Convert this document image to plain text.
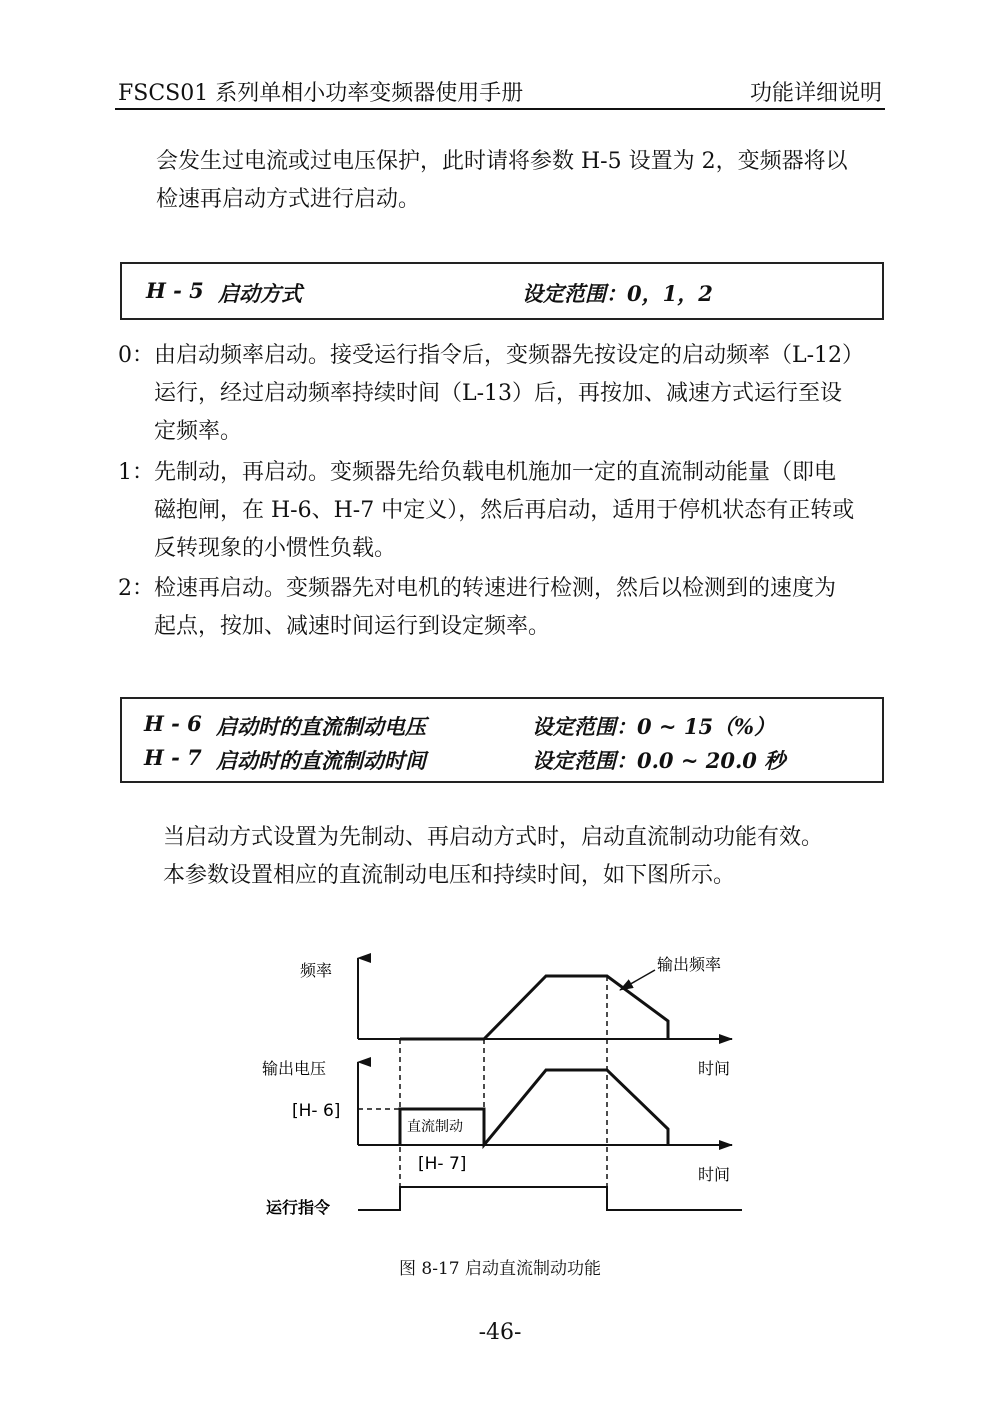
FSCS01 系列单相小功率变频器使用手册	功能详细说明
会发生过电流或过电压保护，此时请将参数 H-5 设置为 2，变频器将以
检速再启动方式进行启动。
H - 5 启动方式	设定范围：0，1，2
0： 由启动频率启动。接受运行指令后，变频器先按设定的启动频率（L-12）
运行，经过启动频率持续时间（L-13）后，再按加、减速方式运行至设
定频率。
1： 先制动，再启动。变频器先给负载电机施加一定的直流制动能量（即电
磁抱闸，在 H-6、H-7 中定义），然后再启动，适用于停机状态有正转或
反转现象的小惯性负载。
2： 检速再启动。变频器先对电机的转速进行检测，然后以检测到的速度为
起点，按加、减速时间运行到设定频率。
H - 6 启动时的直流制动电压	设定范围：0 ~ 15（%）
H - 7 启动时的直流制动时间	设定范围：0.0 ~ 20.0 秒
当启动方式设置为先制动、再启动方式时，启动直流制动功能有效。
本参数设置相应的直流制动电压和持续时间，如下图所示。
频率	输出频率
时间
输出电压
[H- 6]
直流制动
[H- 7]
时间
运行指令
图 8-17 启动直流制动功能
-46-
